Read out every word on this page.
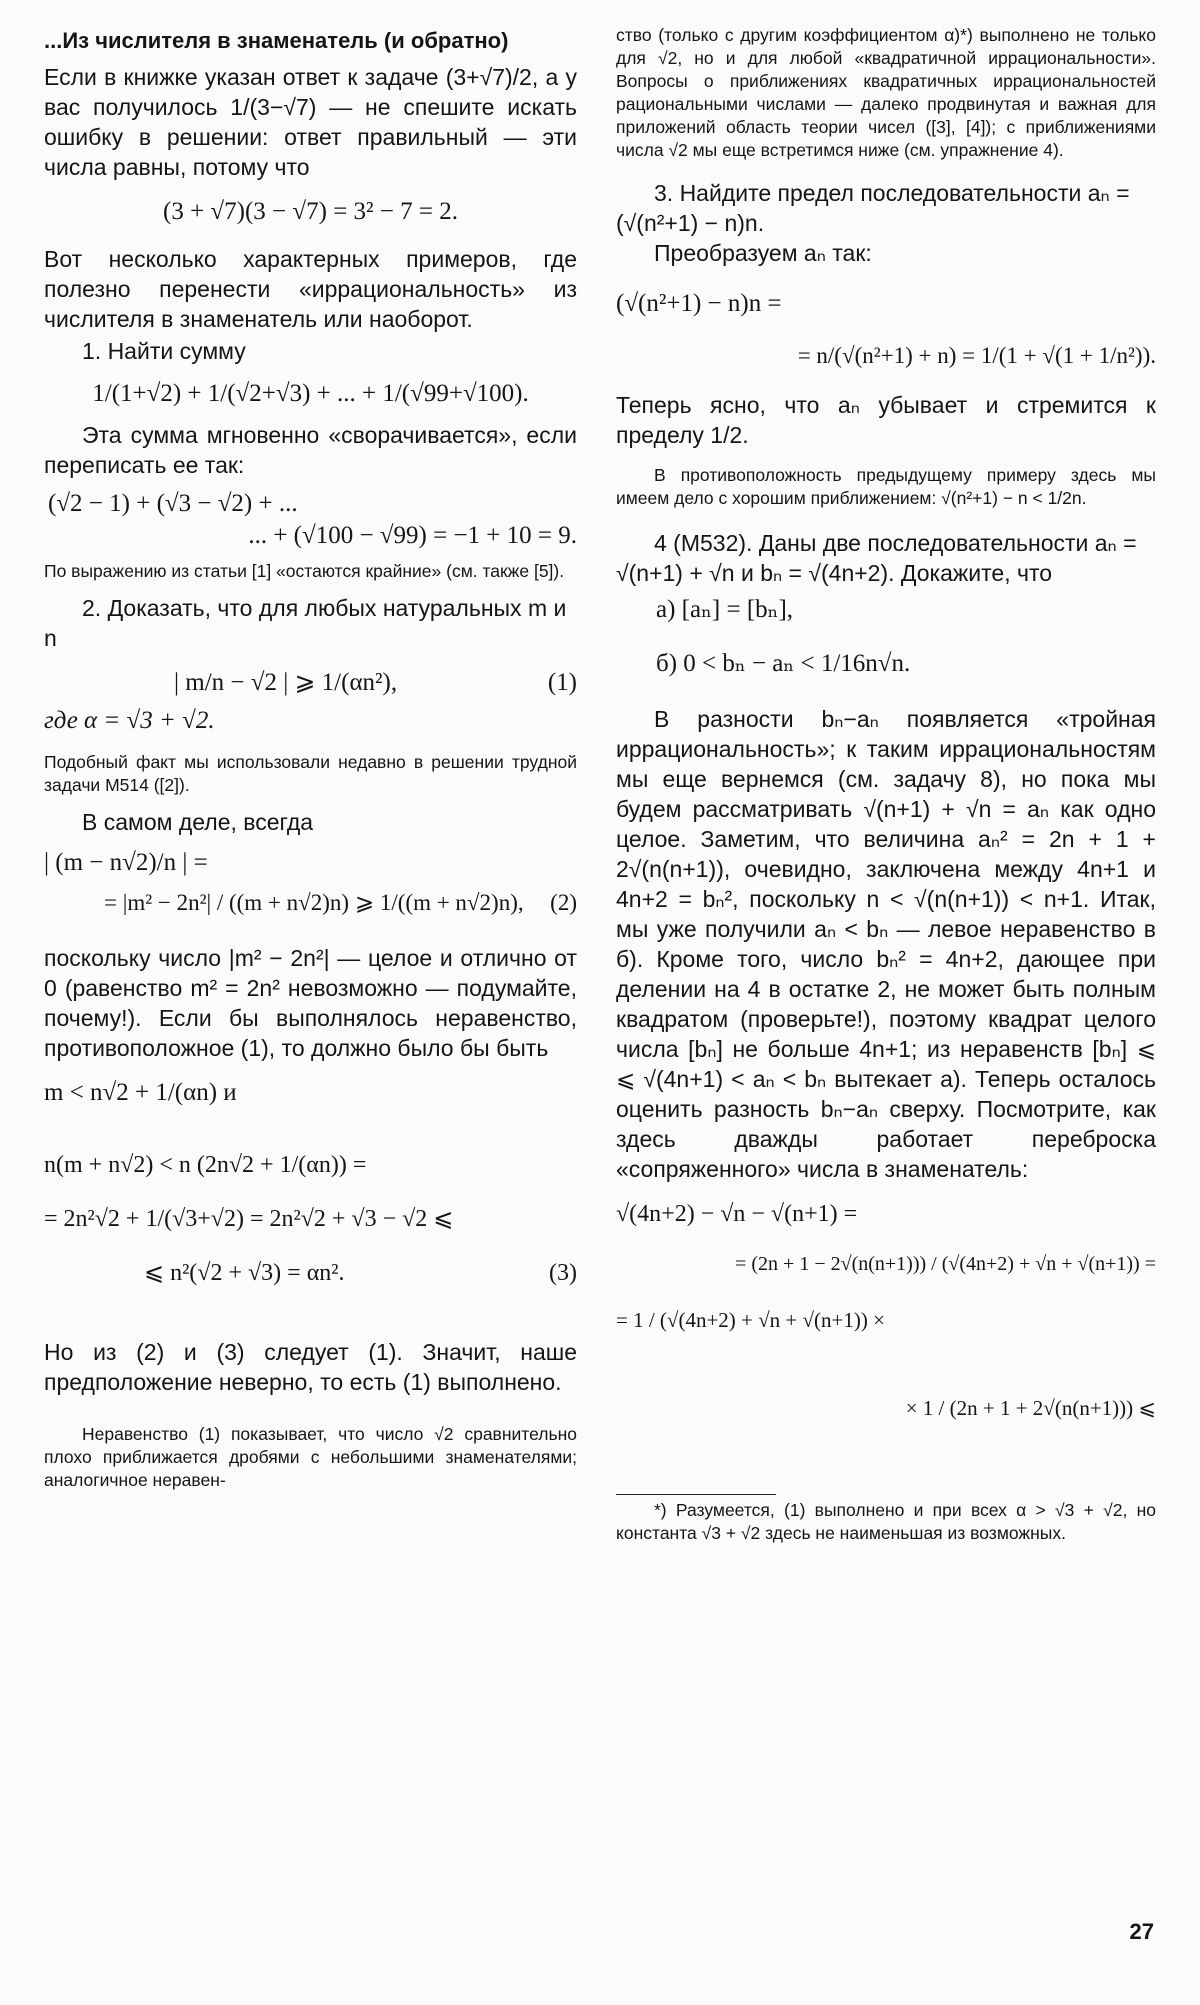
...Из числителя в знаменатель (и обратно)

Если в книжке указан ответ к задаче (3+√7)/2, а у вас получилось 1/(3−√7) — не спешите искать ошибку в решении: ответ правильный — эти числа равны, потому что

(3 + √7)(3 − √7) = 3² − 7 = 2.

Вот несколько характерных примеров, где полезно перенести «иррациональность» из числителя в знаменатель или наоборот.

1. Найти сумму

1/(1+√2) + 1/(√2+√3) + ... + 1/(√99+√100).

Эта сумма мгновенно «сворачивается», если переписать ее так:

(√2 − 1) + (√3 − √2) + ...

... + (√100 − √99) = −1 + 10 = 9.

По выражению из статьи [1] «остаются крайние» (см. также [5]).

2. Доказать, что для любых натуральных m и n

| m/n − √2 | ⩾ 1/(αn²),	(1)

где α = √3 + √2.

Подобный факт мы использовали недавно в решении трудной задачи М514 ([2]).

В самом деле, всегда

| (m − n√2)/n | =

= |m² − 2n²| / ((m + n√2)n) ⩾ 1/((m + n√2)n), (2)

поскольку число |m² − 2n²| — целое и отлично от 0 (равенство m² = 2n² невозможно — подумайте, почему!). Если бы выполнялось неравенство, противоположное (1), то должно было бы быть

m < n√2 + 1/(αn) и

n(m + n√2) < n (2n√2 + 1/(αn)) =

= 2n²√2 + 1/(√3+√2) = 2n²√2 + √3 − √2 ⩽

⩽ n²(√2 + √3) = αn².	(3)

Но из (2) и (3) следует (1). Значит, наше предположение неверно, то есть (1) выполнено.

Неравенство (1) показывает, что число √2 сравнительно плохо приближается дробями с небольшими знаменателями; аналогичное неравен-

ство (только с другим коэффициентом α)*) выполнено не только для √2, но и для любой «квадратичной иррациональности». Вопросы о приближениях квадратичных иррациональностей рациональными числами — далеко продвинутая и важная для приложений область теории чисел ([3], [4]); с приближениями числа √2 мы еще встретимся ниже (см. упражнение 4).

3. Найдите предел последовательности aₙ = (√(n²+1) − n)n.

Преобразуем aₙ так:

(√(n²+1) − n)n =

= n/(√(n²+1) + n) = 1/(1 + √(1 + 1/n²)).

Теперь ясно, что aₙ убывает и стремится к пределу 1/2.

В противоположность предыдущему примеру здесь мы имеем дело с хорошим приближением: √(n²+1) − n < 1/2n.

4 (М532). Даны две последовательности aₙ = √(n+1) + √n и bₙ = √(4n+2). Докажите, что

а) [aₙ] = [bₙ],

б) 0 < bₙ − aₙ < 1/16n√n.

В разности bₙ−aₙ появляется «тройная иррациональность»; к таким иррациональностям мы еще вернемся (см. задачу 8), но пока мы будем рассматривать √(n+1) + √n = aₙ как одно целое. Заметим, что величина aₙ² = 2n + 1 + 2√(n(n+1)), очевидно, заключена между 4n+1 и 4n+2 = bₙ², поскольку n < √(n(n+1)) < n+1. Итак, мы уже получили aₙ < bₙ — левое неравенство в б). Кроме того, число bₙ² = 4n+2, дающее при делении на 4 в остатке 2, не может быть полным квадратом (проверьте!), поэтому квадрат целого числа [bₙ] не больше 4n+1; из неравенств [bₙ] ⩽ ⩽ √(4n+1) < aₙ < bₙ вытекает а). Теперь осталось оценить разность bₙ−aₙ сверху. Посмотрите, как здесь дважды работает переброска «сопряженного» числа в знаменатель:

√(4n+2) − √n − √(n+1) =

= (2n + 1 − 2√(n(n+1))) / (√(4n+2) + √n + √(n+1)) =

= 1 / (√(4n+2) + √n + √(n+1)) ×

× 1 / (2n + 1 + 2√(n(n+1))) ⩽

*) Разумеется, (1) выполнено и при всех α > √3 + √2, но константа √3 + √2 здесь не наименьшая из возможных.

27
